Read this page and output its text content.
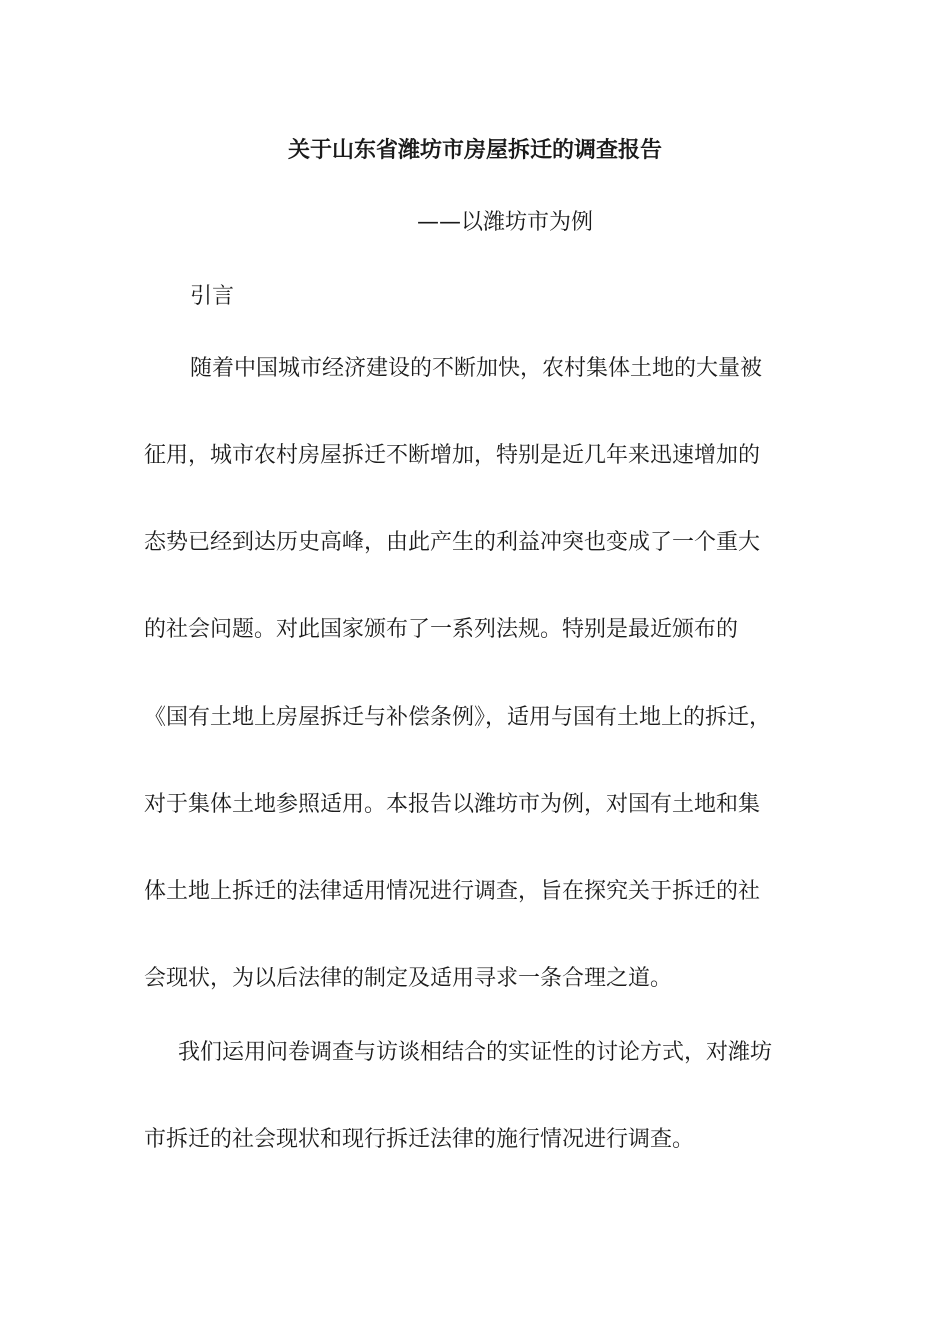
关于山东省潍坊市房屋拆迁的调查报告
——以潍坊市为例
引言
随着中国城市经济建设的不断加快，农村集体土地的大量被
征用，城市农村房屋拆迁不断增加，特别是近几年来迅速增加的
态势已经到达历史高峰，由此产生的利益冲突也变成了一个重大
的社会问题。对此国家颁布了一系列法规。特别是最近颁布的
《国有土地上房屋拆迁与补偿条例》，适用与国有土地上的拆迁，
对于集体土地参照适用。本报告以潍坊市为例，对国有土地和集
体土地上拆迁的法律适用情况进行调查，旨在探究关于拆迁的社
会现状，为以后法律的制定及适用寻求一条合理之道。
我们运用问卷调查与访谈相结合的实证性的讨论方式，对潍坊
市拆迁的社会现状和现行拆迁法律的施行情况进行调查。
